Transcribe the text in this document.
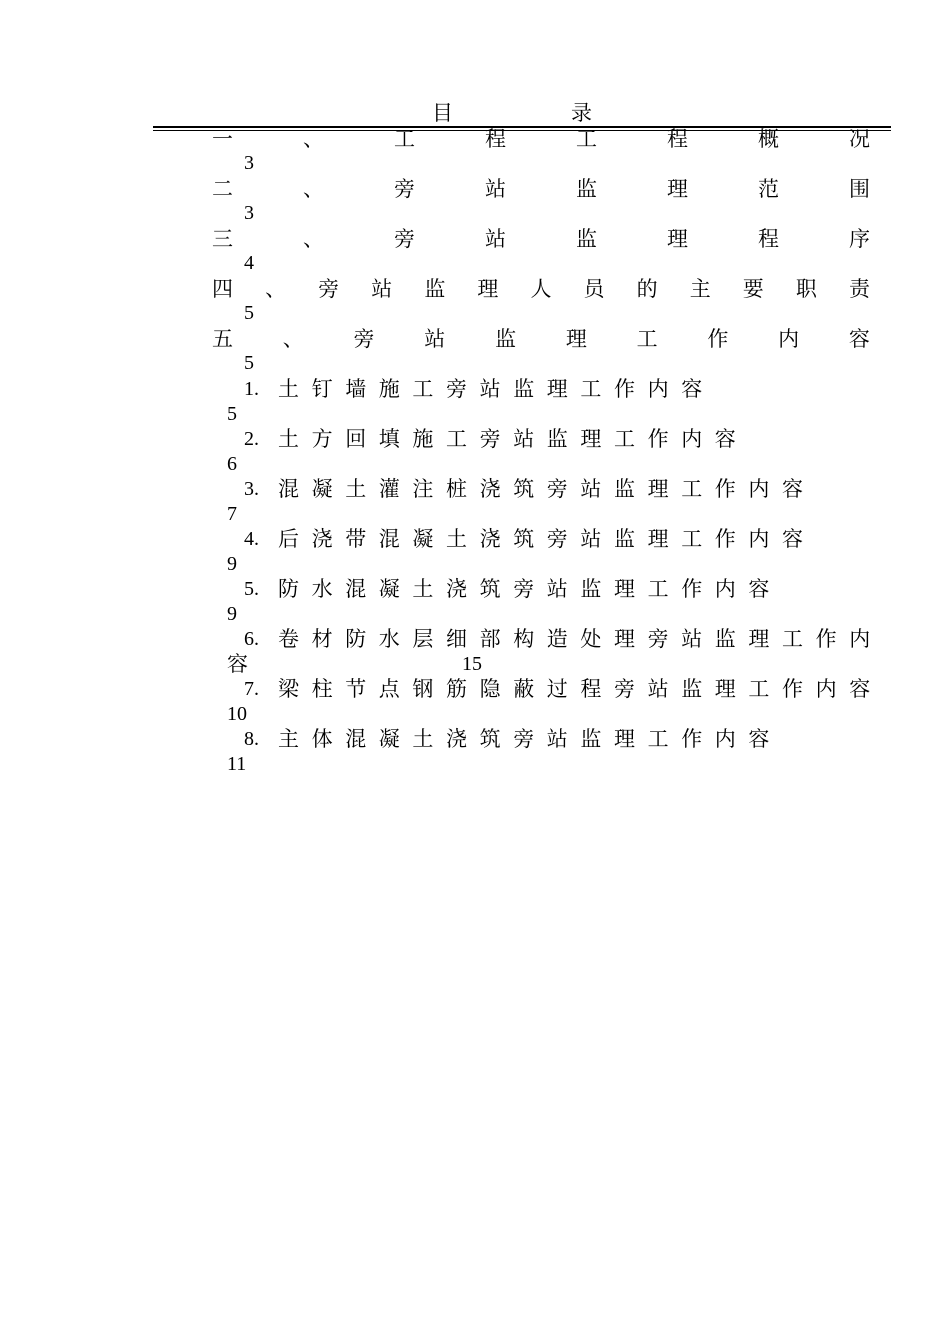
目	录
一	、	工	程	工	程	概	况
3
二	、	旁	站	监	理	范	围
3
三	、	旁	站	监	理	程	序
4
四 、 旁 站 监 理 人 员 的 主 要 职 责
5
五 、 旁 站 监 理 工 作 内 容
5
1. 土 钉 墙 施 工 旁 站 监 理 工 作 内 容
5
2. 土 方 回 填 施 工 旁 站 监 理 工 作 内 容
6
3. 混 凝 土 灌 注 桩 浇 筑 旁 站 监 理 工 作 内 容
7
4. 后 浇 带 混 凝 土 浇 筑 旁 站 监 理 工 作 内 容
9
5. 防 水 混 凝 土 浇 筑 旁 站 监 理 工 作 内 容
9
6. 卷 材 防 水 层 细 部 构 造 处 理 旁 站 监 理 工 作 内
容	15
7. 梁 柱 节 点 钢 筋 隐 蔽 过 程 旁 站 监 理 工 作 内 容
10
8. 主 体 混 凝 土 浇 筑 旁 站 监 理 工 作 内 容
11
